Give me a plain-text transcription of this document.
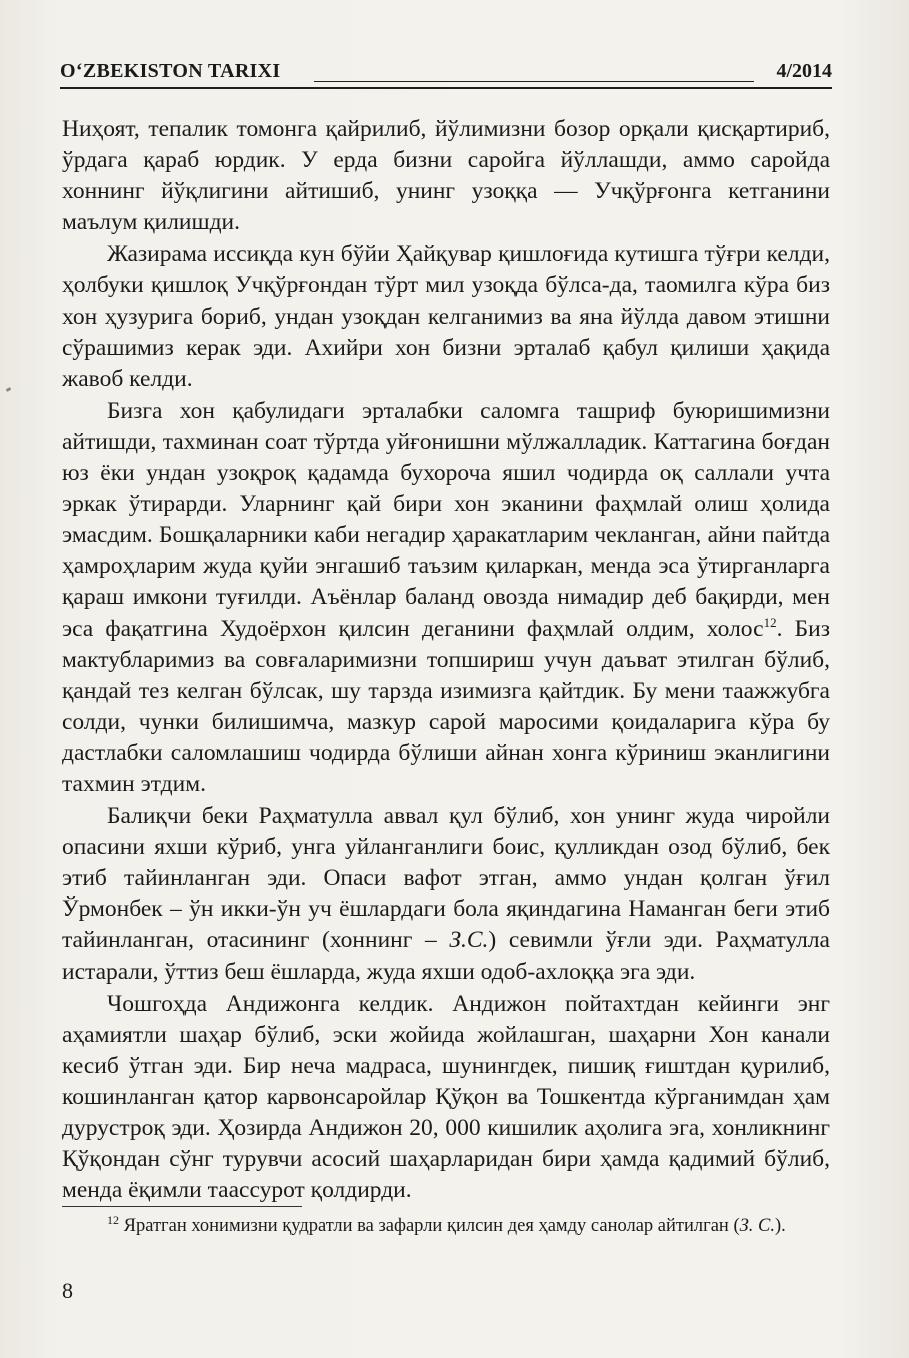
O‘ZBEKISTON TARIXI	4/2014

Ниҳоят, тепалик томонга қайрилиб, йўлимизни бозор орқали қисқартириб, ўрдага қараб юрдик. У ерда бизни саройга йўллашди, аммо саройда хоннинг йўқлигини айтишиб, унинг узоққа — Учқўрғонга кетганини маълум қилишди.

Жазирама иссиқда кун бўйи Ҳайқувар қишлоғида кутишга тўғри келди, ҳолбуки қишлоқ Учқўрғондан тўрт мил узоқда бўлса-да, таомилга кўра биз хон ҳузурига бориб, ундан узоқдан келганимиз ва яна йўлда давом этишни сўрашимиз керак эди. Ахийри хон бизни эрталаб қабул қилиши ҳақида жавоб келди.

Бизга хон қабулидаги эрталабки саломга ташриф буюришимизни айтишди, тахминан соат тўртда уйғонишни мўлжалладик. Каттагина боғдан юз ёки ундан узоқроқ қадамда бухороча яшил чодирда оқ саллали учта эркак ўтирарди. Уларнинг қай бири хон эканини фаҳмлай олиш ҳолида эмасдим. Бошқаларники каби негадир ҳаракатларим чекланган, айни пайтда ҳамроҳларим жуда қуйи энгашиб таъзим қиларкан, менда эса ўтирганларга қараш имкони туғилди. Аъёнлар баланд овозда нимадир деб бақирди, мен эса фақатгина Худоёрхон қилсин деганини фаҳмлай олдим, холос$^{12}$. Биз мактубларимиз ва совғаларимизни топшириш учун даъват этилган бўлиб, қандай тез келган бўлсак, шу тарзда изимизга қайтдик. Бу мени таажжубга солди, чунки билишимча, мазкур сарой маросими қоидаларига кўра бу дастлабки саломлашиш чодирда бўлиши айнан хонга кўриниш эканлигини тахмин этдим.

Балиқчи беки Раҳматулла аввал қул бўлиб, хон унинг жуда чиройли опасини яхши кўриб, унга уйланганлиги боис, қулликдан озод бўлиб, бек этиб тайинланган эди. Опаси вафот этган, аммо ундан қолган ўғил Ўрмонбек – ўн икки-ўн уч ёшлардаги бола яқиндагина Наманган беги этиб тайинланган, отасининг (хоннинг – З.С.) севимли ўғли эди. Раҳматулла истарали, ўттиз беш ёшларда, жуда яхши одоб-ахлоққа эга эди.

Чошгоҳда Андижонга келдик. Андижон пойтахтдан кейинги энг аҳамиятли шаҳар бўлиб, эски жойида жойлашган, шаҳарни Хон канали кесиб ўтган эди. Бир неча мадраса, шунингдек, пишиқ ғиштдан қурилиб, кошинланган қатор карвонсаройлар Қўқон ва Тошкентда кўрганимдан ҳам дурустроқ эди. Ҳозирда Андижон 20, 000 кишилик аҳолига эга, хонликнинг Қўқондан сўнг турувчи асосий шаҳарларидан бири ҳамда қадимий бўлиб, менда ёқимли таассурот қолдирди.

$^{12}$ Яратган хонимизни қудратли ва зафарли қилсин дея ҳамду санолар айтилган (З. С.).

8
